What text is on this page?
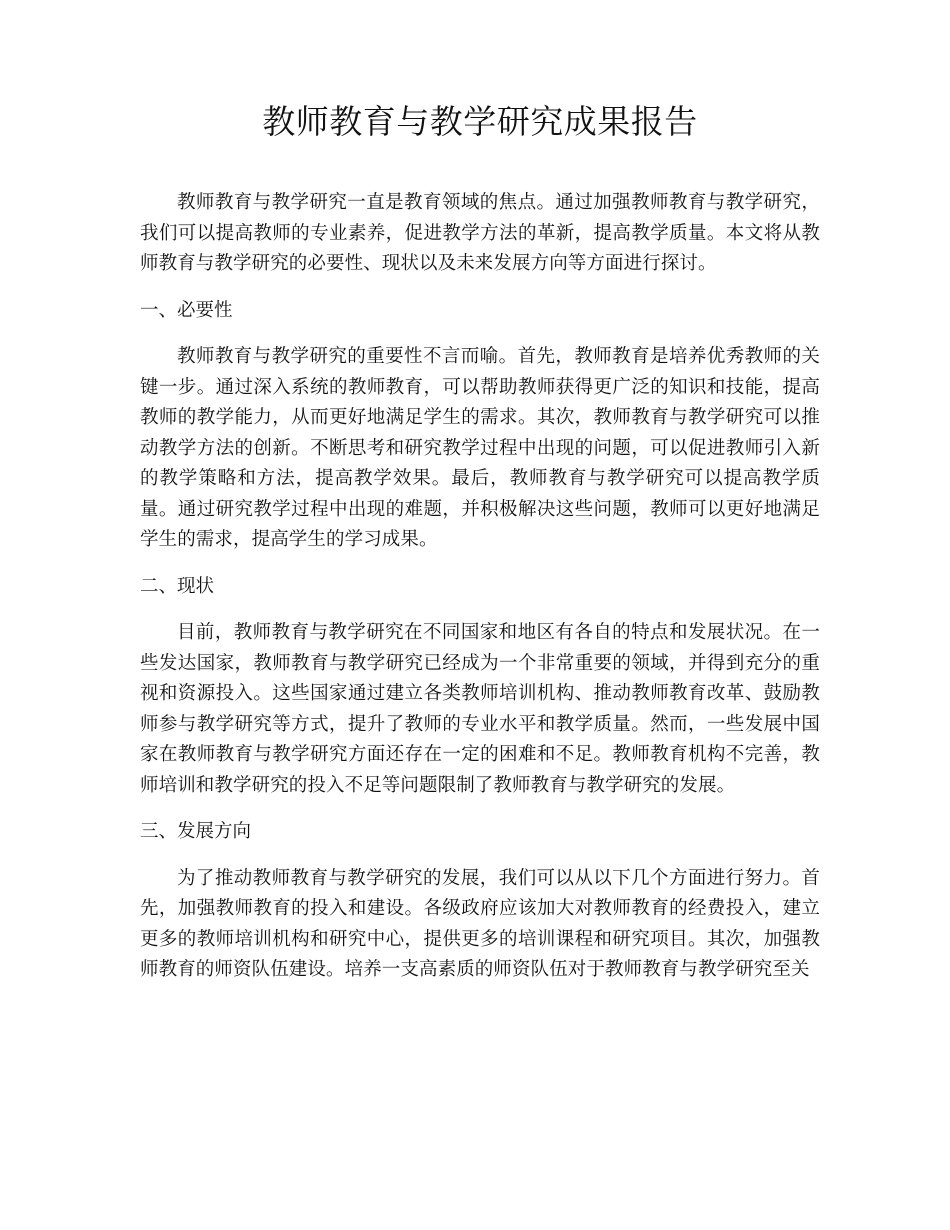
教师教育与教学研究成果报告

教师教育与教学研究一直是教育领域的焦点。通过加强教师教育与教学研究，我们可以提高教师的专业素养，促进教学方法的革新，提高教学质量。本文将从教师教育与教学研究的必要性、现状以及未来发展方向等方面进行探讨。

一、必要性

教师教育与教学研究的重要性不言而喻。首先，教师教育是培养优秀教师的关键一步。通过深入系统的教师教育，可以帮助教师获得更广泛的知识和技能，提高教师的教学能力，从而更好地满足学生的需求。其次，教师教育与教学研究可以推动教学方法的创新。不断思考和研究教学过程中出现的问题，可以促进教师引入新的教学策略和方法，提高教学效果。最后，教师教育与教学研究可以提高教学质量。通过研究教学过程中出现的难题，并积极解决这些问题，教师可以更好地满足学生的需求，提高学生的学习成果。

二、现状

目前，教师教育与教学研究在不同国家和地区有各自的特点和发展状况。在一些发达国家，教师教育与教学研究已经成为一个非常重要的领域，并得到充分的重视和资源投入。这些国家通过建立各类教师培训机构、推动教师教育改革、鼓励教师参与教学研究等方式，提升了教师的专业水平和教学质量。然而，一些发展中国家在教师教育与教学研究方面还存在一定的困难和不足。教师教育机构不完善，教师培训和教学研究的投入不足等问题限制了教师教育与教学研究的发展。

三、发展方向

为了推动教师教育与教学研究的发展，我们可以从以下几个方面进行努力。首先，加强教师教育的投入和建设。各级政府应该加大对教师教育的经费投入，建立更多的教师培训机构和研究中心，提供更多的培训课程和研究项目。其次，加强教师教育的师资队伍建设。培养一支高素质的师资队伍对于教师教育与教学研究至关
